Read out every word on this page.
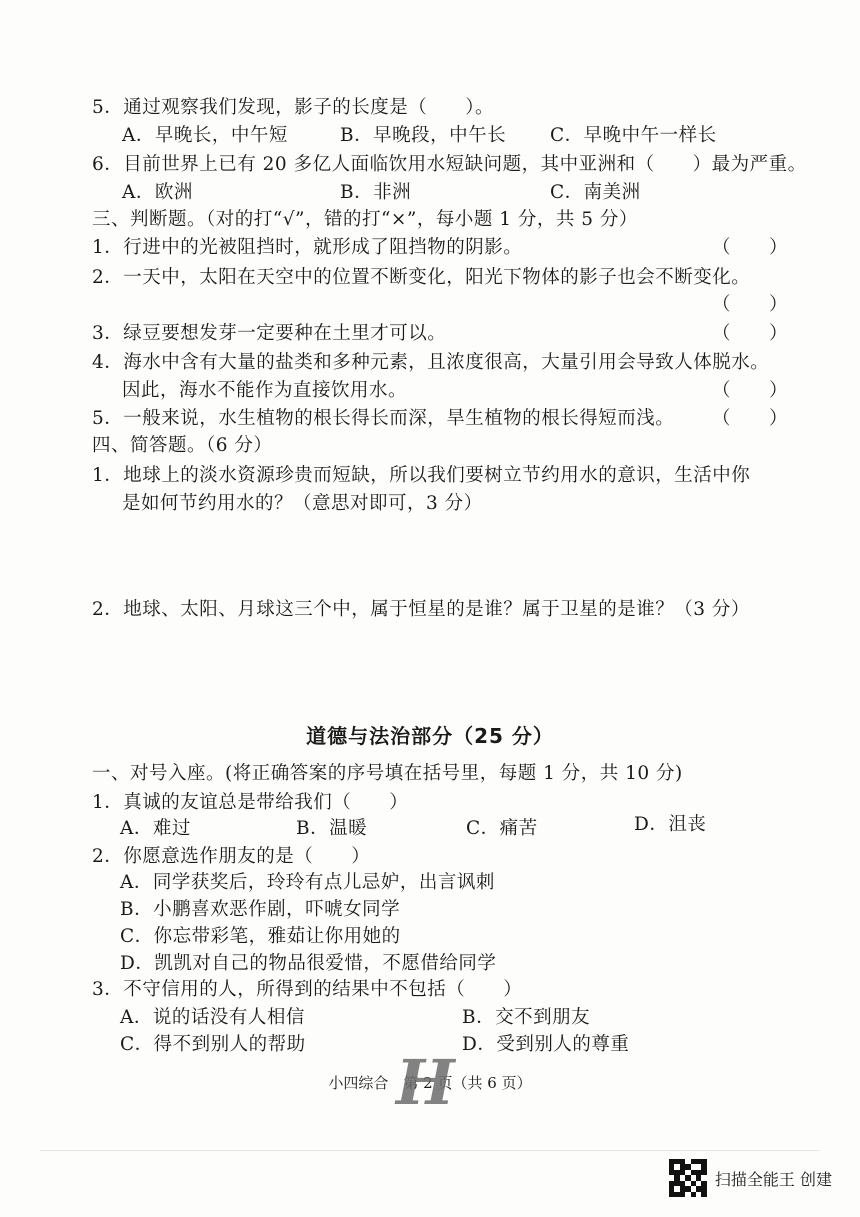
5．通过观察我们发现，影子的长度是（　　）。
A．早晚长，中午短	B．早晚段，中午长 C．早晚中午一样长
6．目前世界上已有 20 多亿人面临饮用水短缺问题，其中亚洲和（　　）最为严重。
A．欧洲	B．非洲	C．南美洲
三、判断题。（对的打“√”，错的打“×”，每小题 1 分，共 5 分）
1．行进中的光被阻挡时，就形成了阻挡物的阴影。	（　　）
2．一天中，太阳在天空中的位置不断变化，阳光下物体的影子也会不断变化。
（　　）
3．绿豆要想发芽一定要种在土里才可以。	（　　）
4．海水中含有大量的盐类和多种元素，且浓度很高，大量引用会导致人体脱水。
因此，海水不能作为直接饮用水。	（　　）
5．一般来说，水生植物的根长得长而深，旱生植物的根长得短而浅。 （　　）
四、简答题。（6 分）
1．地球上的淡水资源珍贵而短缺，所以我们要树立节约用水的意识，生活中你
是如何节约用水的？（意思对即可，3 分）
2．地球、太阳、月球这三个中，属于恒星的是谁？属于卫星的是谁？（3 分）
道德与法治部分（25 分）
一、对号入座。(将正确答案的序号填在括号里，每题 1 分，共 10 分)
1．真诚的友谊总是带给我们（　　）
A．难过	B．温暖	C．痛苦	D．沮丧
2．你愿意选作朋友的是（　　）
A．同学获奖后，玲玲有点儿忌妒，出言讽刺
B．小鹏喜欢恶作剧，吓唬女同学
C．你忘带彩笔，雅茹让你用她的
D．凯凯对自己的物品很爱惜，不愿借给同学
3．不守信用的人，所得到的结果中不包括（　　）
A．说的话没有人相信	B．交不到朋友
C．得不到别人的帮助	D．受到别人的尊重
小四综合　第 2 页（共 6 页）
H
扫描全能王 创建
